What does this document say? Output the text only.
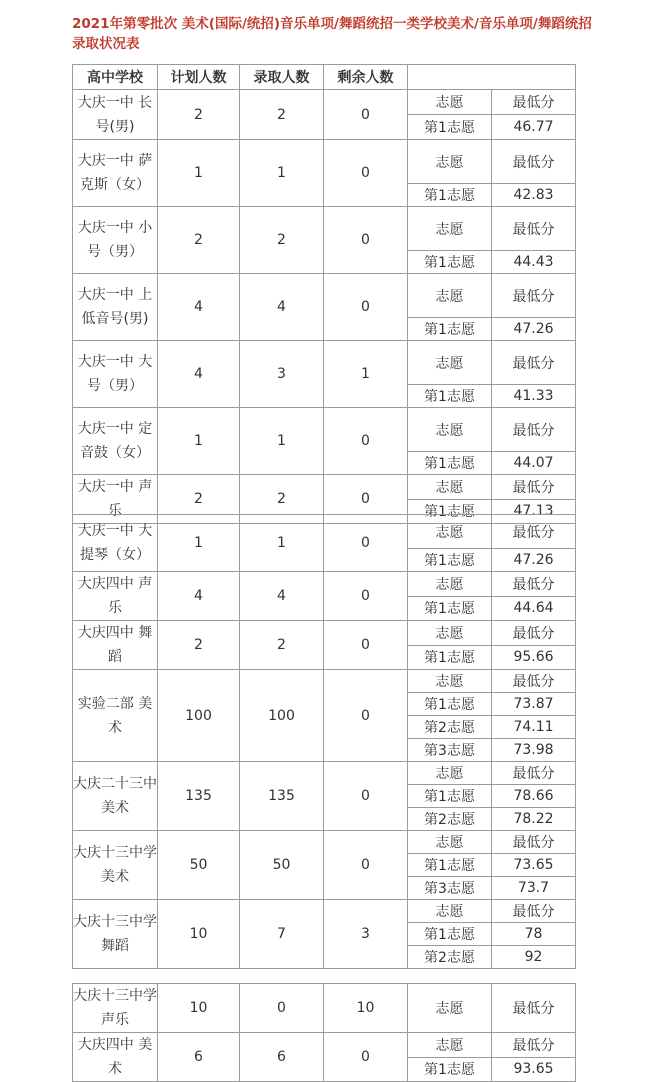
2021年第零批次 美术(国际/统招)音乐单项/舞蹈统招一类学校美术/音乐单项/舞蹈统招录取状况表
高中学校	计划人数	录取人数	剩余人数		
大庆一中 长号(男)	2	2	0	志愿	最低分
				第1志愿	46.77
大庆一中 萨克斯（女）	1	1	0	志愿	最低分
				第1志愿	42.83
大庆一中 小号（男）	2	2	0	志愿	最低分
				第1志愿	44.43
大庆一中 上低音号(男)	4	4	0	志愿	最低分
				第1志愿	47.26
大庆一中 大号（男）	4	3	1	志愿	最低分
				第1志愿	41.33
大庆一中 定音鼓（女）	1	1	0	志愿	最低分
				第1志愿	44.07
大庆一中 声乐	2	2	0	志愿	最低分
				第1志愿	47.13
大庆一中 大提琴（女）	1	1	0	志愿	最低分
				第1志愿	47.26
大庆四中 声乐	4	4	0	志愿	最低分
				第1志愿	44.64
大庆四中 舞蹈	2	2	0	志愿	最低分
				第1志愿	95.66
实验二部 美术	100	100	0	志愿	最低分
				第1志愿	73.87
				第2志愿	74.11
				第3志愿	73.98
大庆二十三中 美术	135	135	0	志愿	最低分
				第1志愿	78.66
				第2志愿	78.22
大庆十三中学 美术	50	50	0	志愿	最低分
				第1志愿	73.65
				第3志愿	73.7
大庆十三中学 舞蹈	10	7	3	志愿	最低分
				第1志愿	78
				第2志愿	92
大庆十三中学 声乐	10	0	10	志愿	最低分
大庆四中 美术	6	6	0	志愿	最低分
				第1志愿	93.65
